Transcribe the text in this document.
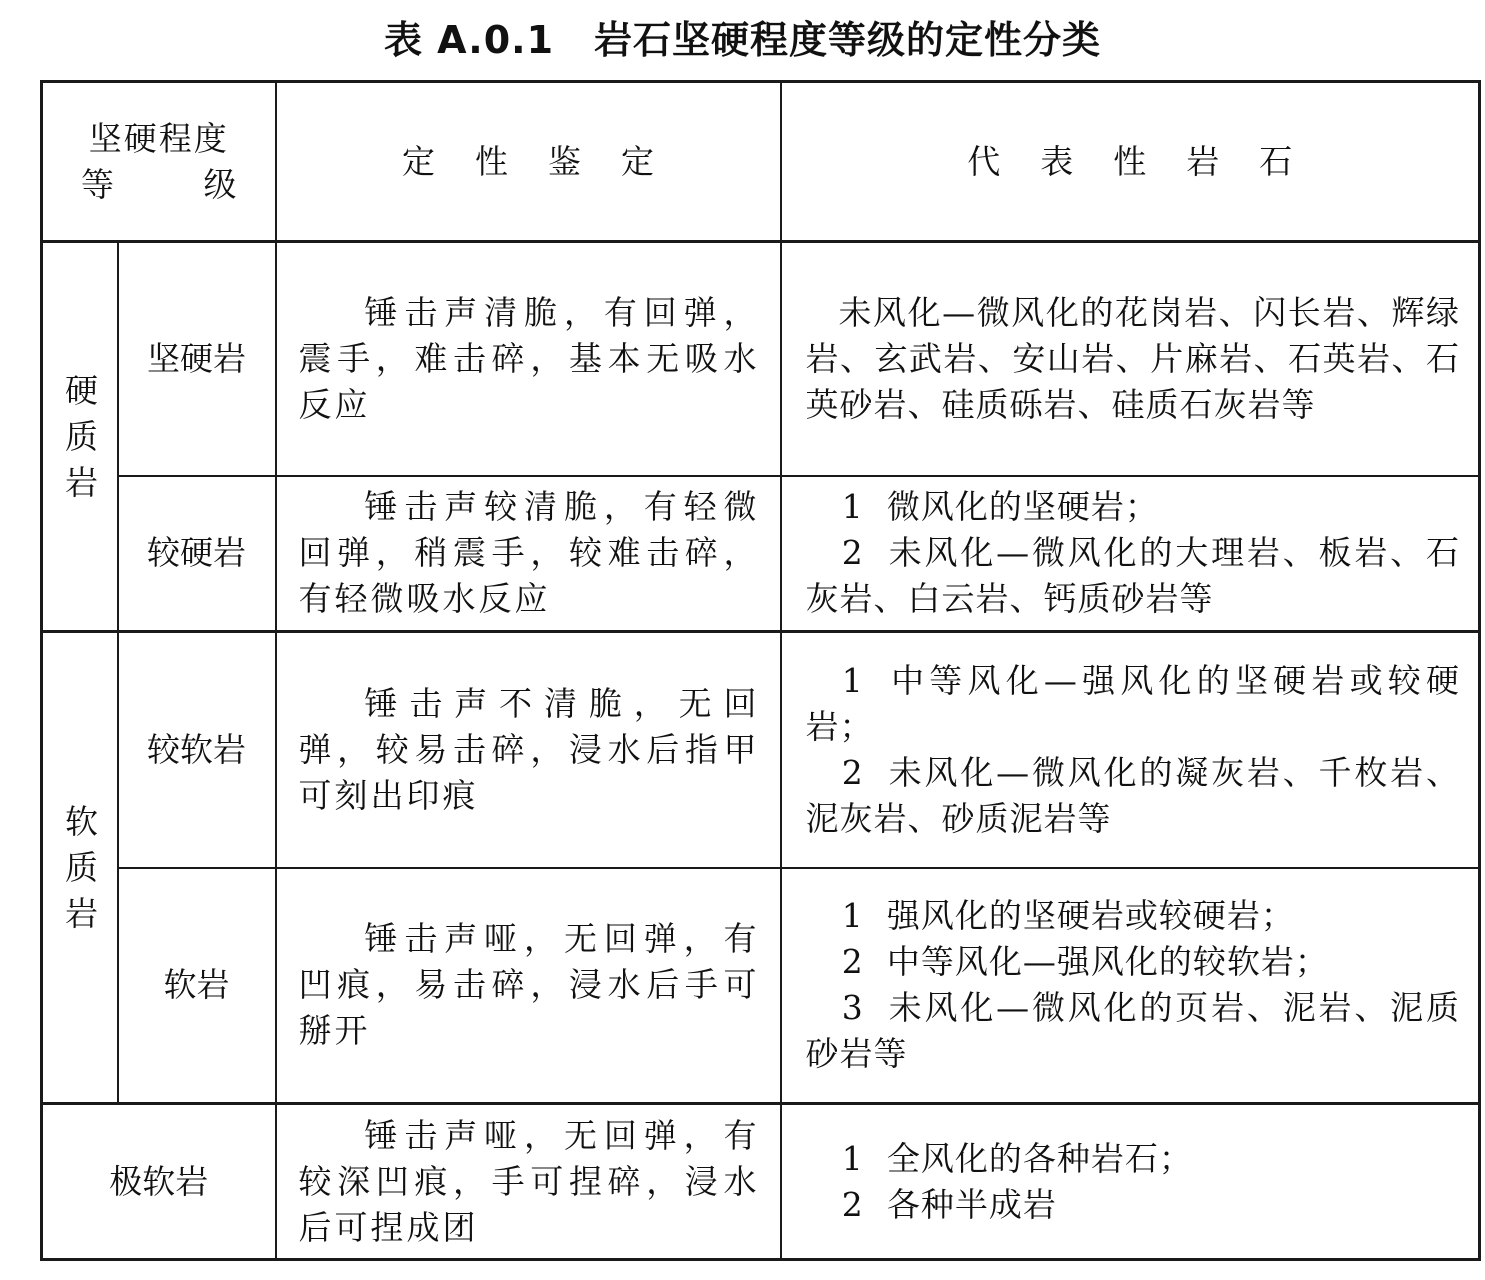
表 A.0.1 岩石坚硬程度等级的定性分类
坚硬程度
等 级		定性鉴定	代表性岩石
硬质岩	坚硬岩	锤击声清脆，有回弹，震手，难击碎，基本无吸水反应	未风化—微风化的花岗岩、闪长岩、辉绿岩、玄武岩、安山岩、片麻岩、石英岩、石英砂岩、硅质砾岩、硅质石灰岩等

	较硬岩	锤击声较清脆，有轻微回弹，稍震手，较难击碎，有轻微吸水反应	1 微风化的坚硬岩；
2 未风化—微风化的大理岩、板岩、石灰岩、白云岩、钙质砂岩等

软质岩	较软岩	锤击声不清脆，无回弹，较易击碎，浸水后指甲可刻出印痕	1 中等风化—强风化的坚硬岩或较硬岩；
2 未风化—微风化的凝灰岩、千枚岩、泥灰岩、砂质泥岩等

	软岩	锤击声哑，无回弹，有凹痕，易击碎，浸水后手可掰开	1 强风化的坚硬岩或较硬岩；
2 中等风化—强风化的较软岩；
3 未风化—微风化的页岩、泥岩、泥质砂岩等

极软岩		锤击声哑，无回弹，有较深凹痕，手可捏碎，浸水后可捏成团	1 全风化的各种岩石；
2 各种半成岩
